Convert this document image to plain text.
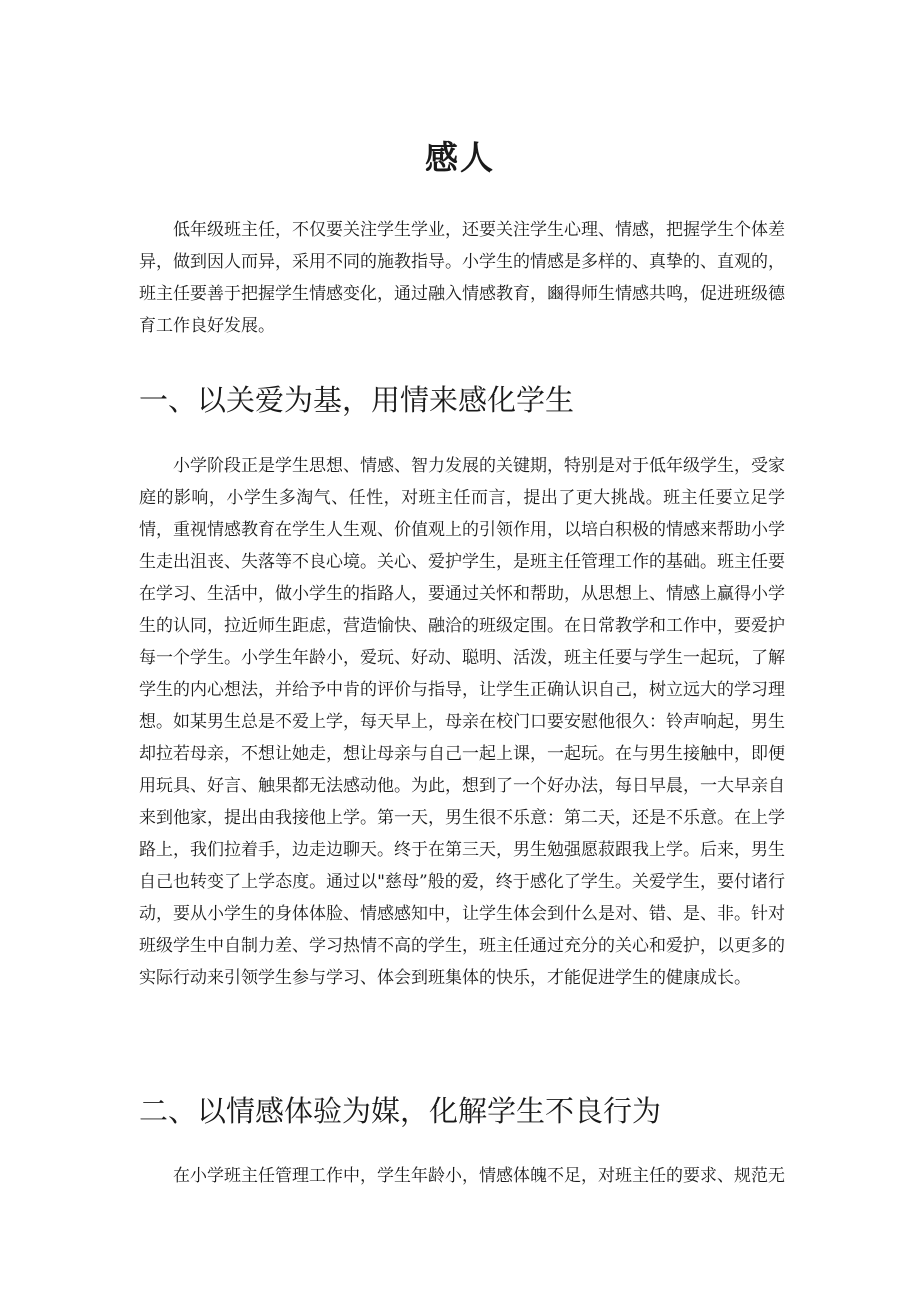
感人

低年级班主任，不仅要关注学生学业，还要关注学生心理、情感，把握学生个体差异，做到因人而异，采用不同的施教指导。小学生的情感是多样的、真挚的、直观的，班主任要善于把握学生情感变化，通过融入情感教育，豳得师生情感共鸣，促进班级德育工作良好发展。

一、以关爱为基，用情来感化学生

小学阶段正是学生思想、情感、智力发展的关键期，特别是对于低年级学生，受家庭的影响，小学生多淘气、任性，对班主任而言，提出了更大挑战。班主任要立足学情，重视情感教育在学生人生观、价值观上的引领作用，以培白积极的情感来帮助小学生走出沮丧、失落等不良心境。关心、爱护学生，是班主任管理工作的基础。班主任要在学习、生活中，做小学生的指路人，要通过关怀和帮助，从思想上、情感上赢得小学生的认同，拉近师生距虑，营造愉快、融洽的班级定围。在日常教学和工作中，要爱护每一个学生。小学生年龄小，爱玩、好动、聪明、活泼，班主任要与学生一起玩，了解学生的内心想法，并给予中肯的评价与指导，让学生正确认识自己，树立远大的学习理想。如某男生总是不爱上学，每天早上，母亲在校门口要安慰他很久：铃声响起，男生却拉若母亲，不想让她走，想让母亲与自己一起上课，一起玩。在与男生接触中，即便用玩具、好言、触果都无法感动他。为此，想到了一个好办法，每日早晨，一大早亲自来到他家，提出由我接他上学。第一天，男生很不乐意：第二天，还是不乐意。在上学路上，我们拉着手，边走边聊天。终于在第三天，男生勉强愿菽跟我上学。后来，男生自己也转变了上学态度。通过以"慈母”般的爱，终于感化了学生。关爱学生，要付诸行动，要从小学生的身体体脸、情感感知中，让学生体会到什么是对、错、是、非。针对班级学生中自制力差、学习热情不高的学生，班主任通过充分的关心和爱护，以更多的实际行动来引领学生参与学习、体会到班集体的快乐，才能促进学生的健康成长。

二、以情感体验为媒，化解学生不良行为

在小学班主任管理工作中，学生年龄小，情感体魄不足，对班主任的要求、规范无
